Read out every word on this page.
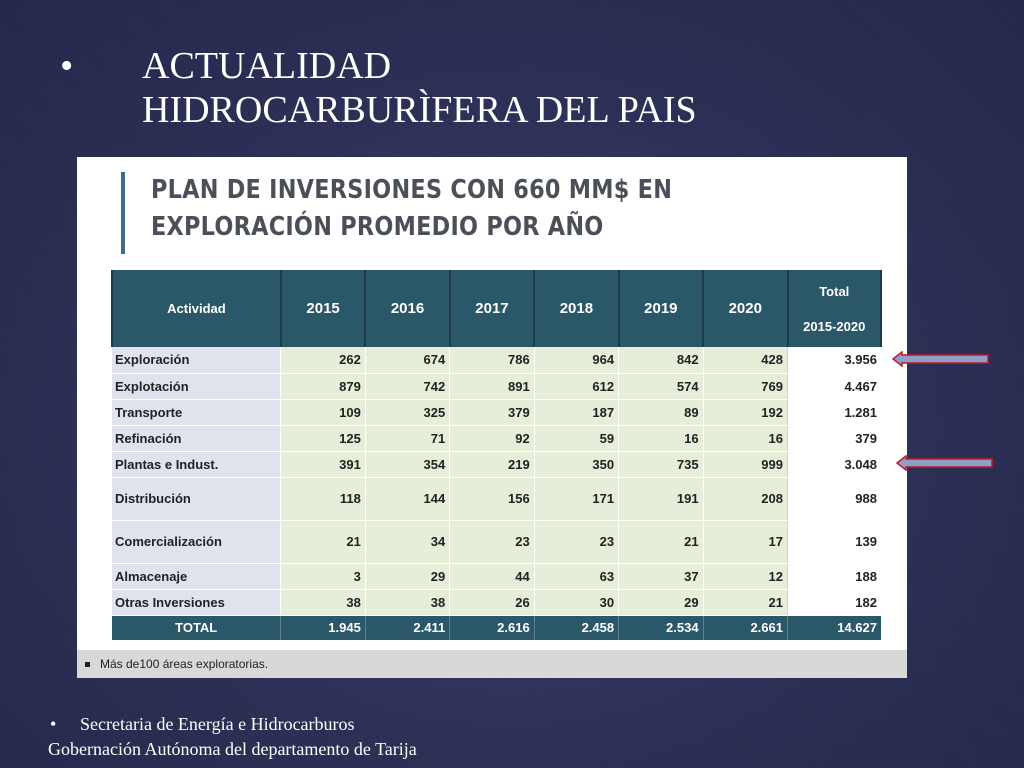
•	ACTUALIDAD
HIDROCARBURÌFERA DEL PAIS
PLAN DE INVERSIONES CON 660 MM$ EN
EXPLORACIÓN PROMEDIO POR AÑO
Actividad	2015	2016	2017	2018	2019	2020	Total
2015-2020
Exploración	262	674	786	964	842	428	3.956
Explotación	879	742	891	612	574	769	4.467
Transporte	109	325	379	187	89	192	1.281
Refinación	125	71	92	59	16	16	379
Plantas e Indust.	391	354	219	350	735	999	3.048
Distribución	118	144	156	171	191	208	988
Comercialización	21	34	23	23	21	17	139
Almacenaje	3	29	44	63	37	12	188
Otras Inversiones	38	38	26	30	29	21	182
TOTAL	1.945	2.411	2.616	2.458	2.534	2.661	14.627
Más de100 áreas exploratorias.
• Secretaria de Energía e Hidrocarburos
Gobernación Autónoma del departamento de Tarija
